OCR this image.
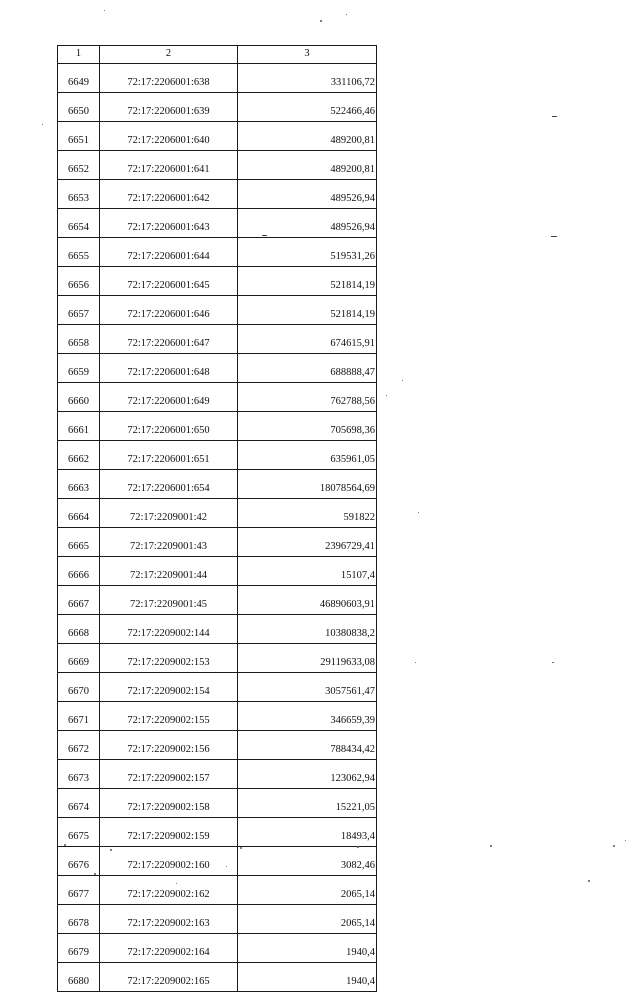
1	2	3
6649	72:17:2206001:638	331106,72
6650	72:17:2206001:639	522466,46
6651	72:17:2206001:640	489200,81
6652	72:17:2206001:641	489200,81
6653	72:17:2206001:642	489526,94
6654	72:17:2206001:643	489526,94
6655	72:17:2206001:644	519531,26
6656	72:17:2206001:645	521814,19
6657	72:17:2206001:646	521814,19
6658	72:17:2206001:647	674615,91
6659	72:17:2206001:648	688888,47
6660	72:17:2206001:649	762788,56
6661	72:17:2206001:650	705698,36
6662	72:17:2206001:651	635961,05
6663	72:17:2206001:654	18078564,69
6664	72:17:2209001:42	591822
6665	72:17:2209001:43	2396729,41
6666	72:17:2209001:44	15107,4
6667	72:17:2209001:45	46890603,91
6668	72:17:2209002:144	10380838,2
6669	72:17:2209002:153	29119633,08
6670	72:17:2209002:154	3057561,47
6671	72:17:2209002:155	346659,39
6672	72:17:2209002:156	788434,42
6673	72:17:2209002:157	123062,94
6674	72:17:2209002:158	15221,05
6675	72:17:2209002:159	18493,4
6676	72:17:2209002:160	3082,46
6677	72:17:2209002:162	2065,14
6678	72:17:2209002:163	2065,14
6679	72:17:2209002:164	1940,4
6680	72:17:2209002:165	1940,4
